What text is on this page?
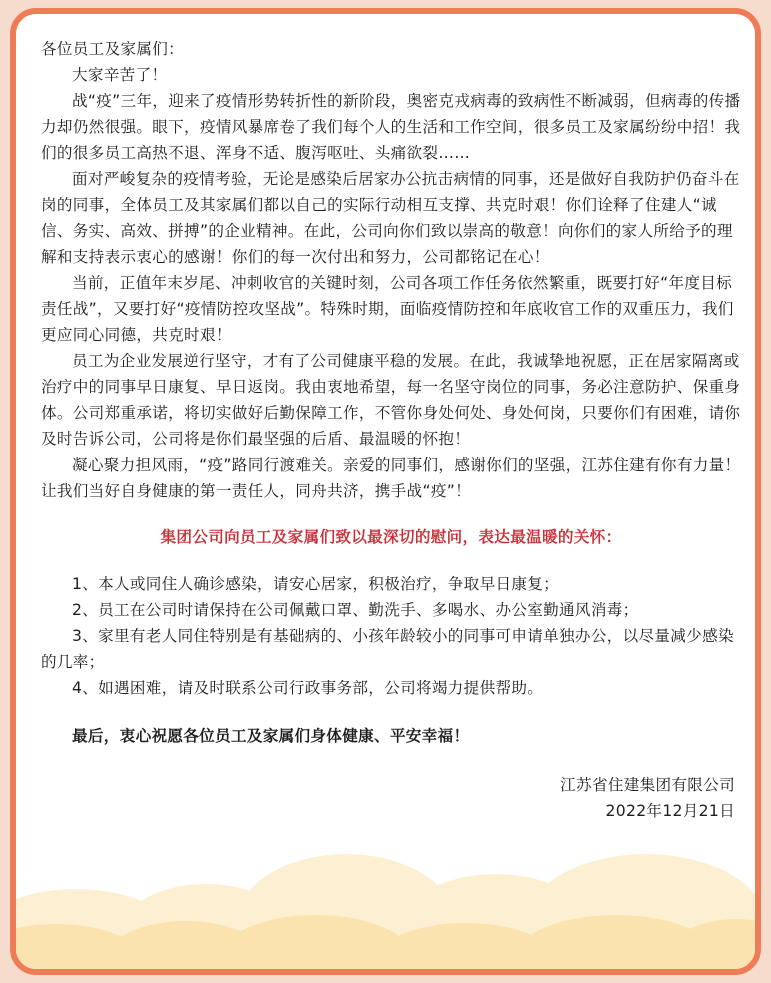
各位员工及家属们：

大家辛苦了！

战“疫”三年，迎来了疫情形势转折性的新阶段，奥密克戎病毒的致病性不断减弱，但病毒的传播力却仍然很强。眼下，疫情风暴席卷了我们每个人的生活和工作空间，很多员工及家属纷纷中招！我们的很多员工高热不退、浑身不适、腹泻呕吐、头痛欲裂……

面对严峻复杂的疫情考验，无论是感染后居家办公抗击病情的同事，还是做好自我防护仍奋斗在岗的同事，全体员工及其家属们都以自己的实际行动相互支撑、共克时艰！你们诠释了住建人“诚信、务实、高效、拼搏”的企业精神。在此，公司向你们致以崇高的敬意！向你们的家人所给予的理解和支持表示衷心的感谢！你们的每一次付出和努力，公司都铭记在心！

当前，正值年末岁尾、冲刺收官的关键时刻，公司各项工作任务依然繁重，既要打好“年度目标责任战”，又要打好“疫情防控攻坚战”。特殊时期，面临疫情防控和年底收官工作的双重压力，我们更应同心同德，共克时艰！

员工为企业发展逆行坚守，才有了公司健康平稳的发展。在此，我诚挚地祝愿，正在居家隔离或治疗中的同事早日康复、早日返岗。我由衷地希望，每一名坚守岗位的同事，务必注意防护、保重身体。公司郑重承诺，将切实做好后勤保障工作，不管你身处何处、身处何岗，只要你们有困难，请你及时告诉公司，公司将是你们最坚强的后盾、最温暖的怀抱！

凝心聚力担风雨，“疫”路同行渡难关。亲爱的同事们，感谢你们的坚强，江苏住建有你有力量！让我们当好自身健康的第一责任人，同舟共济，携手战“疫”！

集团公司向员工及家属们致以最深切的慰问，表达最温暖的关怀：

1、本人或同住人确诊感染，请安心居家，积极治疗，争取早日康复；

2、员工在公司时请保持在公司佩戴口罩、勤洗手、多喝水、办公室勤通风消毒；

3、家里有老人同住特别是有基础病的、小孩年龄较小的同事可申请单独办公，以尽量减少感染的几率；

4、如遇困难，请及时联系公司行政事务部，公司将竭力提供帮助。

最后，衷心祝愿各位员工及家属们身体健康、平安幸福！

江苏省住建集团有限公司

2022年12月21日
